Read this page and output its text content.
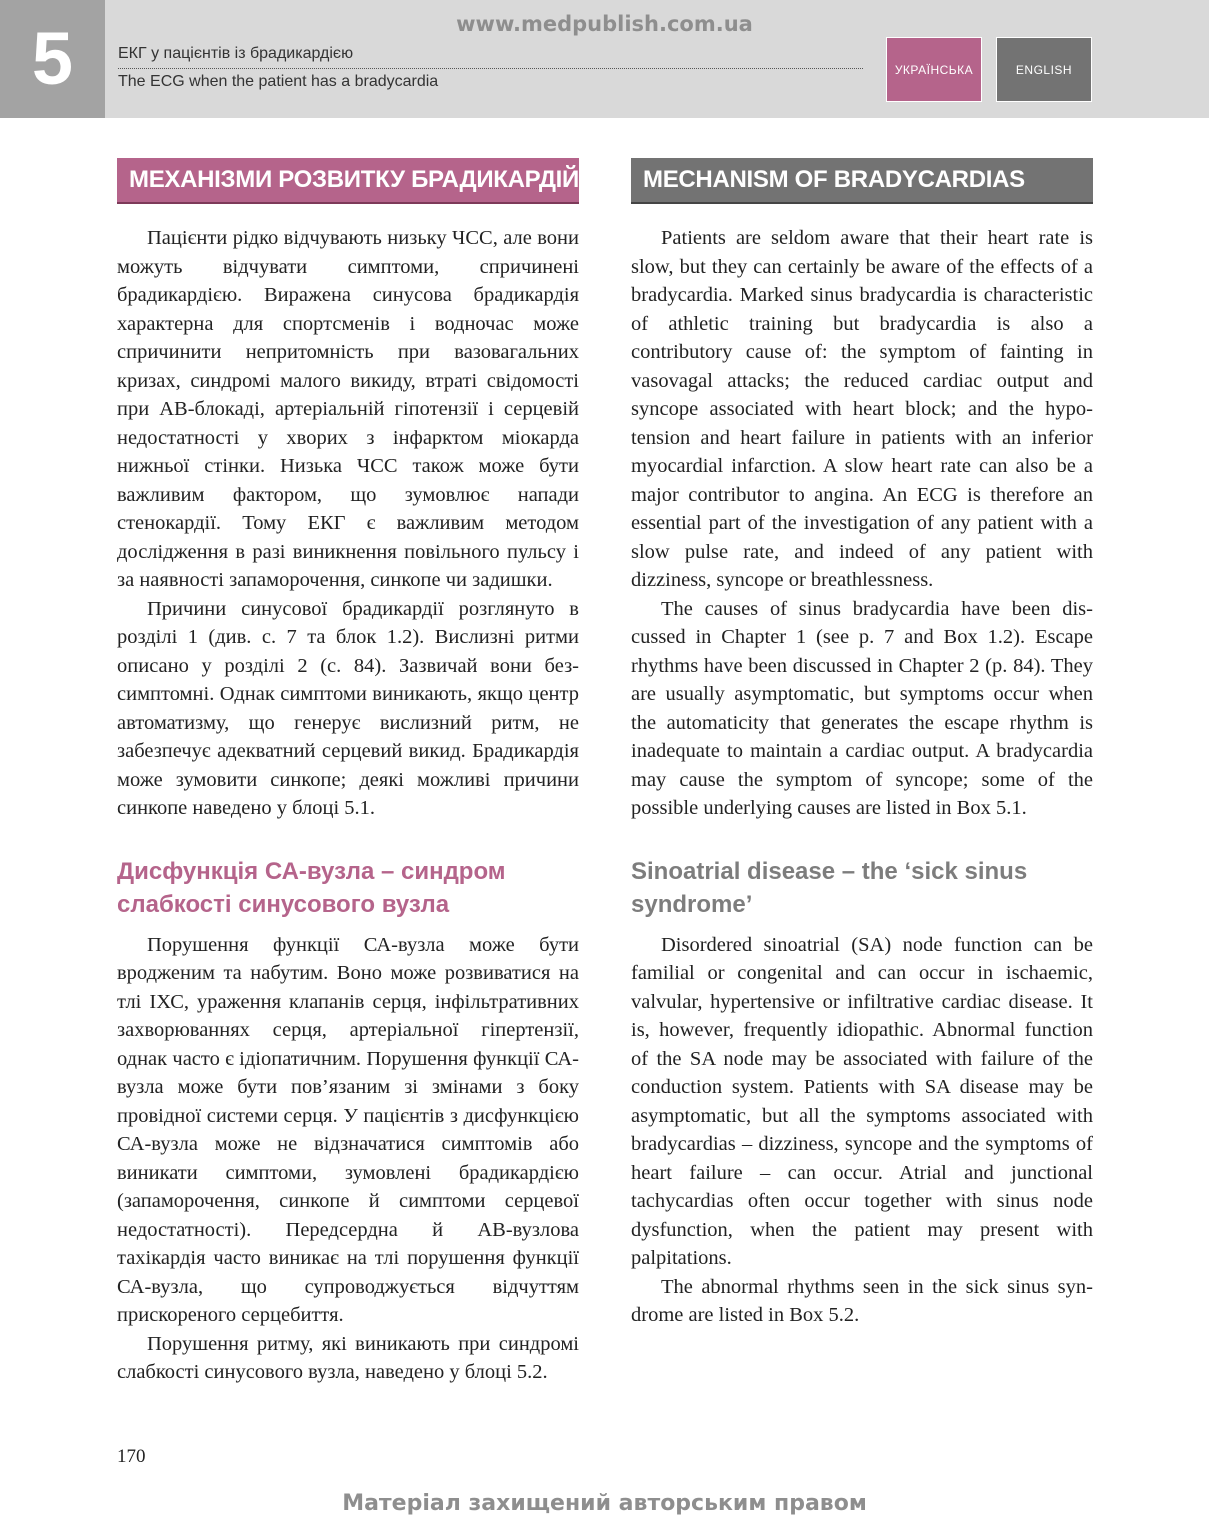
5	www.medpublish.com.ua
ЕКГ у пацієнтів із брадикардією
The ECG when the patient has a bradycardia
УКРАЇНСЬКА	ENGLISH
МЕХАНІЗМИ РОЗВИТКУ БРАДИКАРДІЙ

Пацієнти рідко відчувають низьку ЧСС, але вони можуть відчувати симптоми, спричинені брадикардією. Виражена синусова брадикардія характерна для спортсменів і водночас може спричинити непритомність при вазовагальних кризах, синдромі малого викиду, втраті свідомості при АВ-блокаді, артеріальній гіпотензії і серцевій недостатності у хворих з інфарктом міокарда нижньої стінки. Низька ЧСС також може бути важливим фактором, що зумовлює напади стенокардії. Тому ЕКГ є важливим методом дослідження в разі виникнення повільного пульсу і за наявності запаморочення, синкопе чи задишки.

Причини синусової брадикардії розглянуто в розділі 1 (див. с. 7 та блок 1.2). Вислизні ритми описано у розділі 2 (с. 84). Зазвичай вони безсимптомні. Однак симптоми виникають, якщо центр автоматизму, що генерує вислизний ритм, не забезпечує адекватний серцевий викид. Брадикардія може зумовити синкопе; деякі можливі причини синкопе наведено у блоці 5.1.

Дисфункція СА-вузла – синдром слабкості синусового вузла

Порушення функції СА-вузла може бути вродженим та набутим. Воно може розвиватися на тлі ІХС, ураження клапанів серця, інфільтративних захворюваннях серця, артеріальної гіпертензії, однак часто є ідіопатичним. Порушення функції СА-вузла може бути пов’язаним зі змінами з боку провідної системи серця. У пацієнтів з дисфункцією СА-вузла може не відзначатися симптомів або виникати симптоми, зумовлені брадикардією (запаморочення, синкопе й симптоми серцевої недостатності). Передсердна й АВ-вузлова тахікардія часто виникає на тлі порушення функції СА-вузла, що супроводжується відчуттям прискореного серцебиття.

Порушення ритму, які виникають при синдромі слабкості синусового вузла, наведено у блоці 5.2.

MECHANISM OF BRADYCARDIAS

Patients are seldom aware that their heart rate is slow, but they can certainly be aware of the effects of a bradycardia. Marked sinus bradycardia is characteristic of athletic training but bradycardia is also a contributory cause of: the symptom of fainting in vasovagal attacks; the reduced cardiac output and syncope associated with heart block; and the hypotension and heart failure in patients with an inferior myocardial infarction. A slow heart rate can also be a major contributor to angina. An ECG is therefore an essential part of the investigation of any patient with a slow pulse rate, and indeed of any patient with dizziness, syncope or breathlessness.

The causes of sinus bradycardia have been discussed in Chapter 1 (see p. 7 and Box 1.2). Escape rhythms have been discussed in Chapter 2 (p. 84). They are usually asymptomatic, but symptoms occur when the automaticity that generates the escape rhythm is inadequate to maintain a cardiac output. A bradycardia may cause the symptom of syncope; some of the possible underlying causes are listed in Box 5.1.

Sinoatrial disease – the ‘sick sinus syndrome’

Disordered sinoatrial (SA) node function can be familial or congenital and can occur in ischaemic, valvular, hypertensive or infiltrative cardiac disease. It is, however, frequently idiopathic. Abnormal function of the SA node may be associated with failure of the conduction system. Patients with SA disease may be asymptomatic, but all the symptoms associated with bradycardias – dizziness, syncope and the symptoms of heart failure – can occur. Atrial and junctional tachycardias often occur together with sinus node dysfunction, when the patient may present with palpitations.

The abnormal rhythms seen in the sick sinus syndrome are listed in Box 5.2.

170
Матеріал захищений авторським правом
